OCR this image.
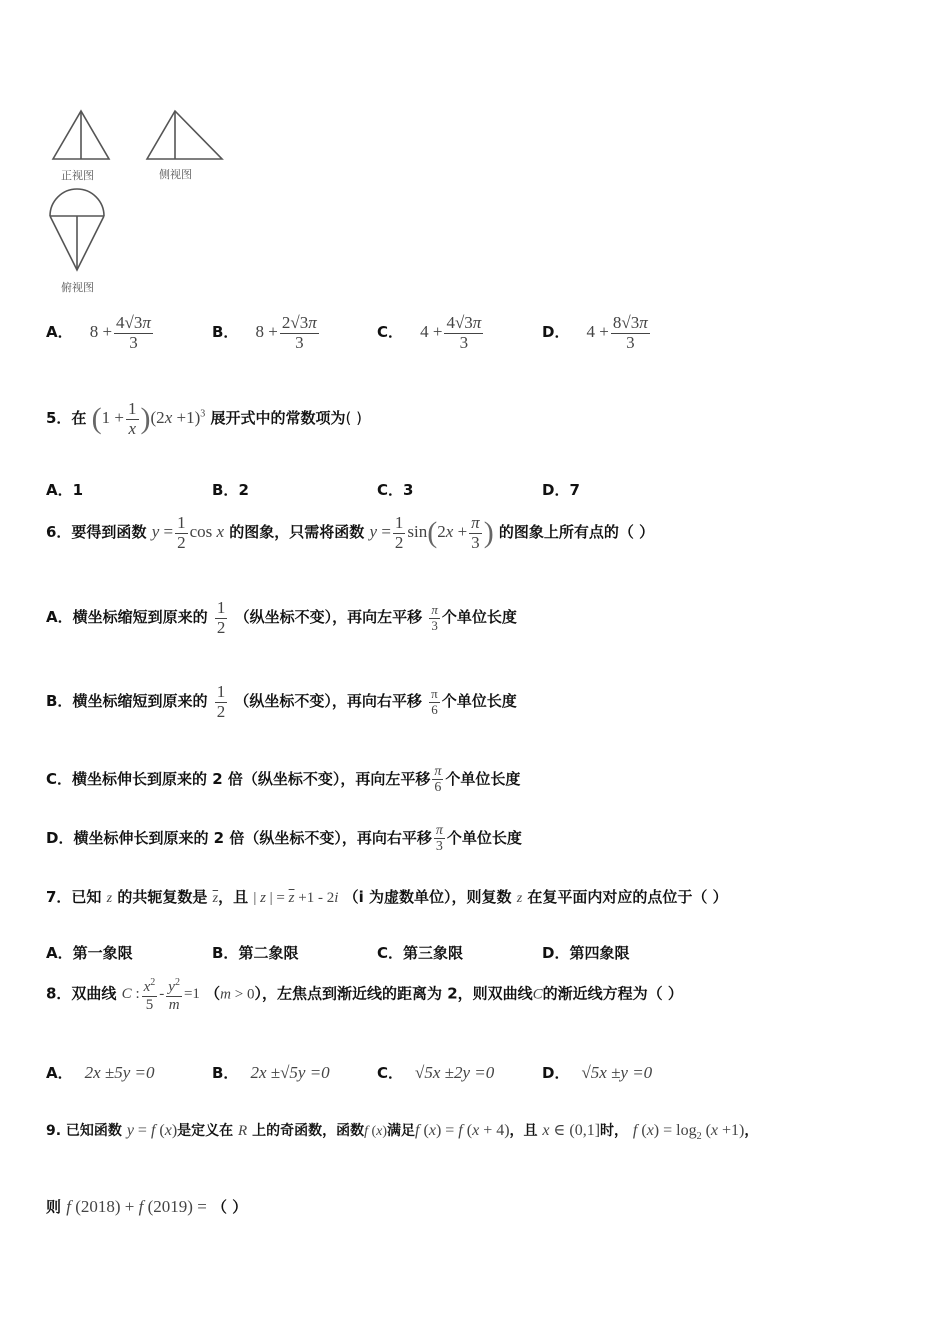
正视图	侧视图
俯视图
A． $8 + \frac{4√3\pi}{3}$	B． $8 + \frac{2√3\pi}{3}$	C． $4 + \frac{4√3\pi}{3}$	D． $4 + \frac{8√3\pi}{3}$
5．在 $(1 + \frac{1}{x} )(2x +1)^3$ 展开式中的常数项为( )
A．1	B．2	C．3	D．7
6．要得到函数 $y = \frac{1}{2}$ cos x 的图象，只需将函数 $y = \frac{1}{2} \sin(2x + \frac{\pi}{3}$ ) 的图象上所有点的（ ）
A．横坐标缩短到原来的 $\frac{1}{2}$ （纵坐标不变），再向左平移 $\frac{\pi}{3}$ 个单位长度
B．横坐标缩短到原来的 $\frac{1}{2}$ （纵坐标不变），再向右平移 $\frac{\pi}{6}$ 个单位长度
C．横坐标伸长到原来的 2 倍（纵坐标不变），再向左平移 $\frac{\pi}{6}$ 个单位长度
D．横坐标伸长到原来的 2 倍（纵坐标不变），再向右平移 $\frac{\pi}{3}$ 个单位长度
7．已知 z 的共轭复数是 $\overline{z}$，且 | z | = $\overline{z} +1 - 2i$ （i 为虚数单位），则复数 z 在复平面内对应的点位于（ ）
A．第一象限	B．第二象限	C．第三象限	D．第四象限
8．双曲线 C : $\frac{x^2}{5} - \frac{y^2}{m} =1$ （m > 0），左焦点到渐近线的距离为 2，则双曲线C的渐近线方程为（ ）
A． 2x ±5y =0	B． 2x ±√5y =0	C． √5x ±2y =0	D． √5x ±y =0
9. 已知函数 y = f (x)是定义在 R 上的奇函数，函数f (x)满足f (x) = f (x + 4)，且 x ∈ (0,1]时， f $(x) = \log_2 (x +1)$，
则 f (2018) + f (2019) = （ ）
